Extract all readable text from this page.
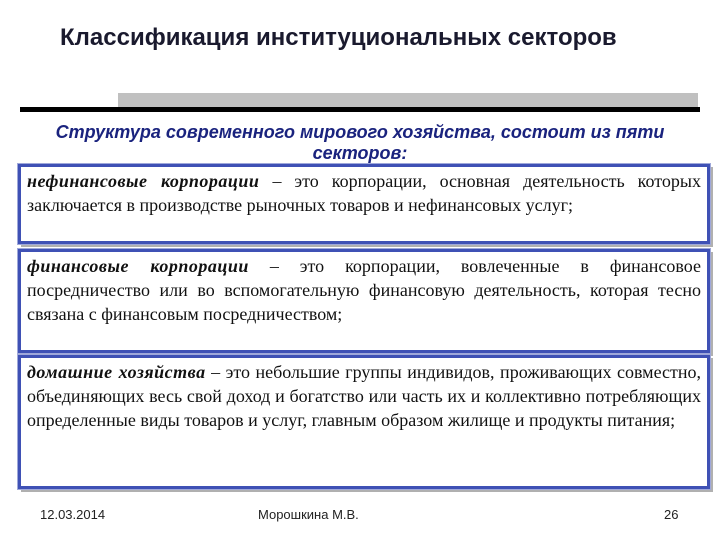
Классификация институциональных секторов
Структура современного мирового хозяйства, состоит из пяти секторов:
нефинансовые корпорации – это корпорации, основная деятельность которых заключается в производстве рыночных товаров и нефинансовых услуг;
финансовые корпорации – это корпорации, вовлеченные в финансовое посредничество или во вспомогательную финансовую деятельность, которая тесно связана с финансовым посредничеством;
домашние хозяйства – это небольшие группы индивидов, проживающих совместно, объединяющих весь свой доход и богатство или часть их и коллективно потребляющих определенные виды товаров и услуг, главным образом жилище и продукты питания;
12.03.2014	Морошкина М.В.	26
